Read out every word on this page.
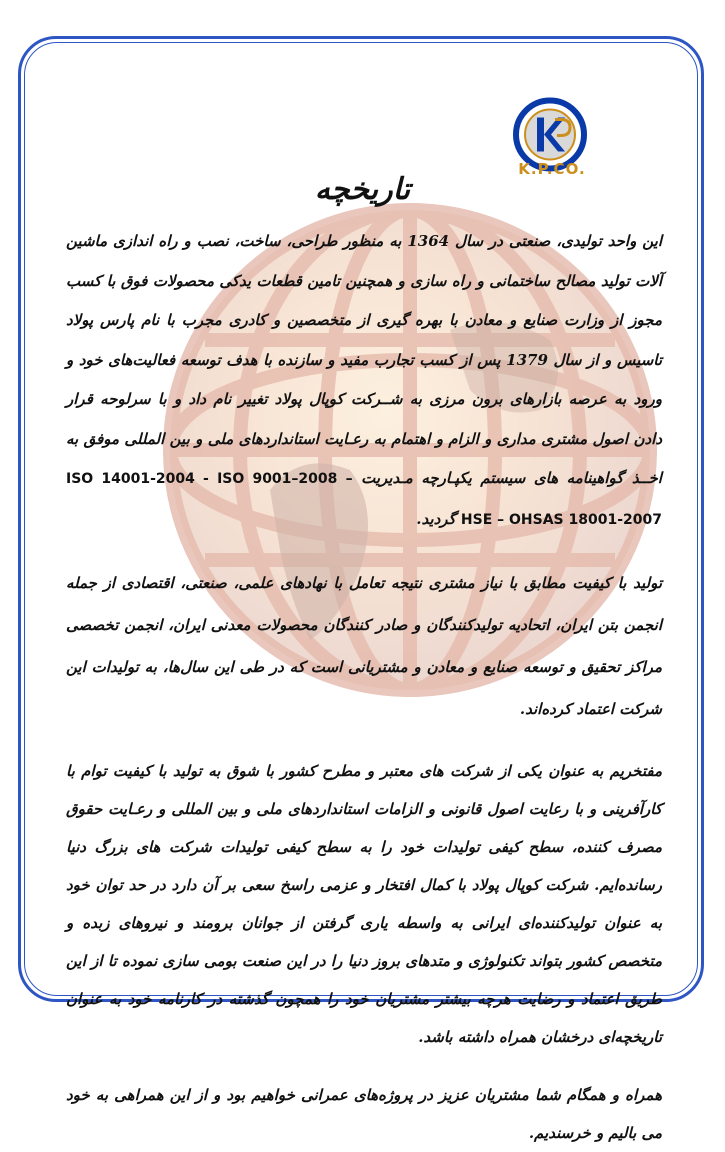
K.P.CO.
تاریخچه

این واحد تولیدی، صنعتی در سال 1364 به منظور طراحی، ساخت، نصب و راه اندازی ماشین آلات تولید مصالح ساختمانی و راه سازی و همچنین تامین قطعات یدکی محصولات فوق با کسب مجوز از وزارت صنایع و معادن با بهره گیری از متخصصین و کادری مجرب با نام پارس پولاد تاسیس و از سال 1379 پس از کسب تجارب مفید و سازنده با هدف توسعه فعالیت‌های خود و ورود به عرصه بازارهای برون مرزی به شــرکت کوپال پولاد تغییر نام داد و با سرلوحه قرار دادن اصول مشتری مداری و الزام و اهتمام به رعـایت استانداردهای ملی و بین المللی موفق به اخــذ گواهینامه های سیستم یکپـارچه مـدیریت ISO 14001-2004 - ISO 9001–2008 – HSE – OHSAS 18001-2007 گردید.

تولید با کیفیت مطابق با نیاز مشتری نتیجه تعامل با نهادهای علمی، صنعتی، اقتصادی از جمله انجمن بتن ایران، اتحادیه تولیدکنندگان و صادر کنندگان محصولات معدنی ایران، انجمن تخصصی مراکز تحقیق و توسعه صنایع و معادن و مشتریانی است که در طی این سال‌ها، به تولیدات این شرکت اعتماد کرده‌اند.

مفتخریم به عنوان یکی از شرکت های معتبر و مطرح کشور با شوق به تولید با کیفیت توام با کارآفرینی و با رعایت اصول قانونی و الزامات استانداردهای ملی و بین المللی و رعـایت حقوق مصرف کننده، سطح کیفی تولیدات خود را به سطح کیفی تولیدات شرکت های بزرگ دنیا رسانده‌ایم. شرکت کوپال پولاد با کمال افتخار و عزمی راسخ سعی بر آن دارد در حد توان خود به عنوان تولیدکننده‌ای ایرانی به واسطه یاری گرفتن از جوانان برومند و نیروهای زبده و متخصص کشور بتواند تکنولوژی و متدهای بروز دنیا را در این صنعت بومی سازی نموده تا از این طریق اعتماد و رضایت هرچه بیشتر مشتریان خود را همچون گذشته در کارنامه خود به عنوان تاریخچه‌ای درخشان همراه داشته باشد.

همراه و همگام شما مشتریان عزیز در پروژه‌های عمرانی خواهیم بود و از این همراهی به خود می بالیم و خرسندیم.
